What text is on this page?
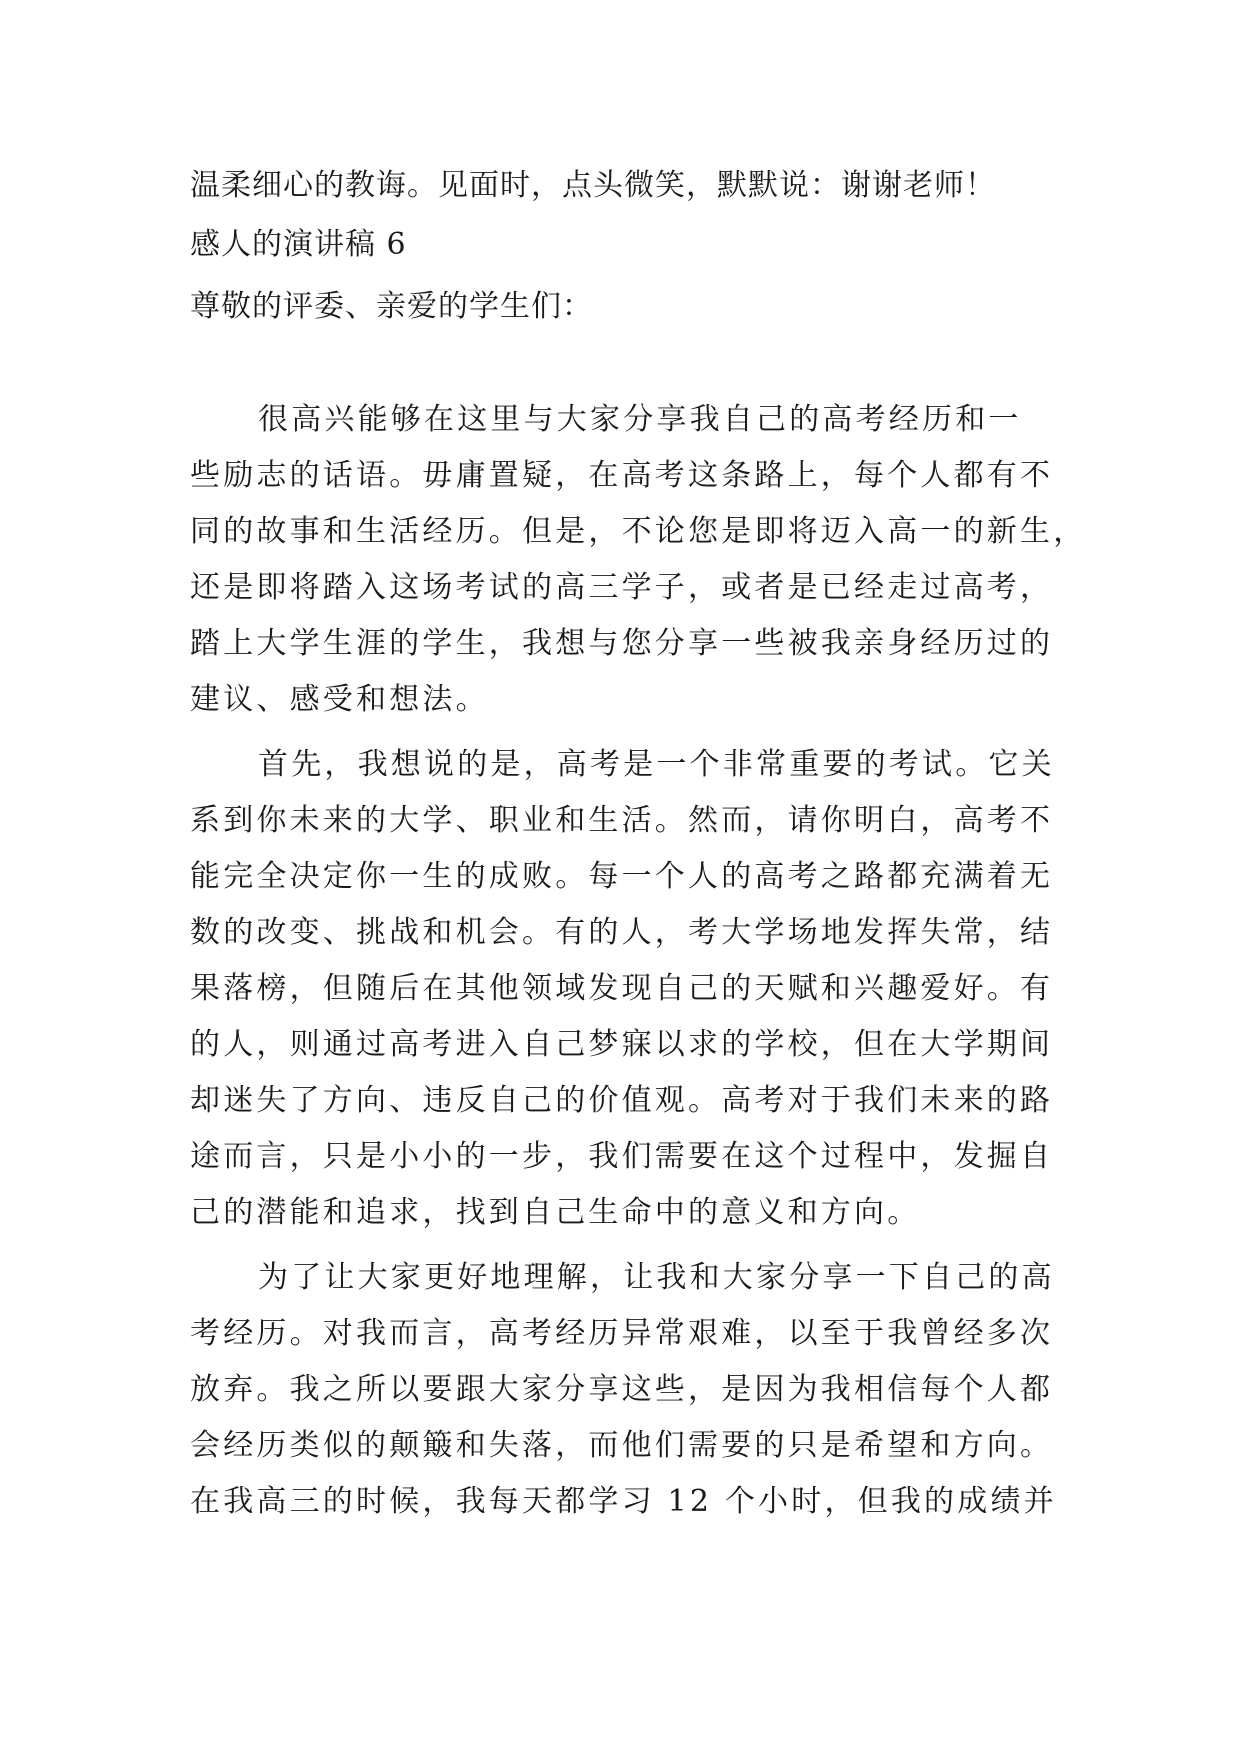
温柔细心的教诲。见面时，点头微笑，默默说：谢谢老师！
感人的演讲稿 6
尊敬的评委、亲爱的学生们：
很高兴能够在这里与大家分享我自己的高考经历和一
些励志的话语。毋庸置疑，在高考这条路上，每个人都有不
同的故事和生活经历。但是，不论您是即将迈入高一的新生，
还是即将踏入这场考试的高三学子，或者是已经走过高考，
踏上大学生涯的学生，我想与您分享一些被我亲身经历过的
建议、感受和想法。
首先，我想说的是，高考是一个非常重要的考试。它关
系到你未来的大学、职业和生活。然而，请你明白，高考不
能完全决定你一生的成败。每一个人的高考之路都充满着无
数的改变、挑战和机会。有的人，考大学场地发挥失常，结
果落榜，但随后在其他领域发现自己的天赋和兴趣爱好。有
的人，则通过高考进入自己梦寐以求的学校，但在大学期间
却迷失了方向、违反自己的价值观。高考对于我们未来的路
途而言，只是小小的一步，我们需要在这个过程中，发掘自
己的潜能和追求，找到自己生命中的意义和方向。
为了让大家更好地理解，让我和大家分享一下自己的高
考经历。对我而言，高考经历异常艰难，以至于我曾经多次
放弃。我之所以要跟大家分享这些，是因为我相信每个人都
会经历类似的颠簸和失落，而他们需要的只是希望和方向。
在我高三的时候，我每天都学习 12 个小时，但我的成绩并
